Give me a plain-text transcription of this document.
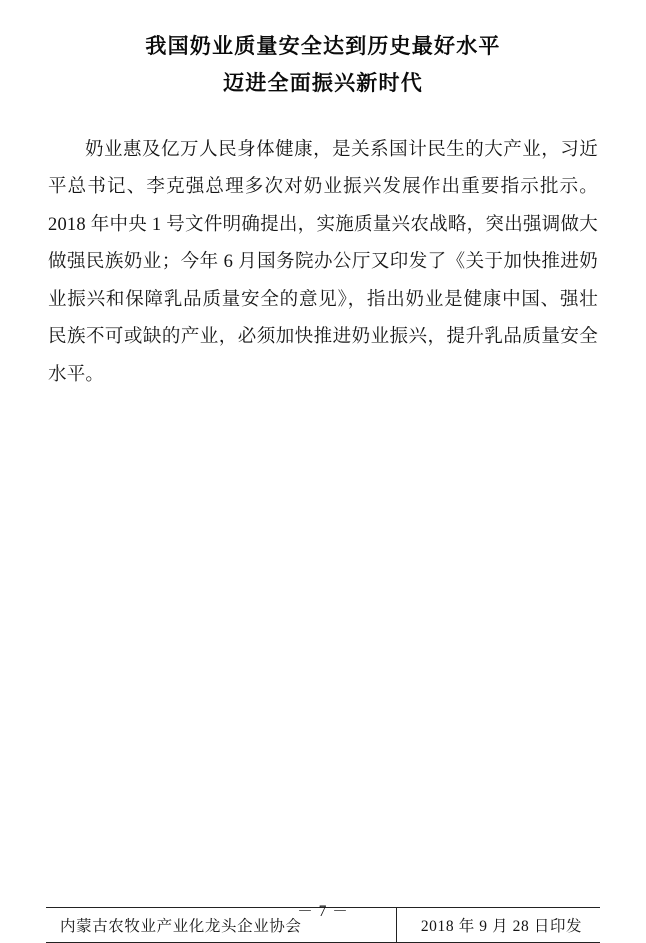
我国奶业质量安全达到历史最好水平
迈进全面振兴新时代

奶业惠及亿万人民身体健康，是关系国计民生的大产业，习近平总书记、李克强总理多次对奶业振兴发展作出重要指示批示。2018 年中央 1 号文件明确提出，实施质量兴农战略，突出强调做大做强民族奶业；今年 6 月国务院办公厅又印发了《关于加快推进奶业振兴和保障乳品质量安全的意见》，指出奶业是健康中国、强壮民族不可或缺的产业，必须加快推进奶业振兴，提升乳品质量安全水平。

内蒙古农牧业产业化龙头企业协会	2018 年 9 月 28 日印发
－ 7 －
